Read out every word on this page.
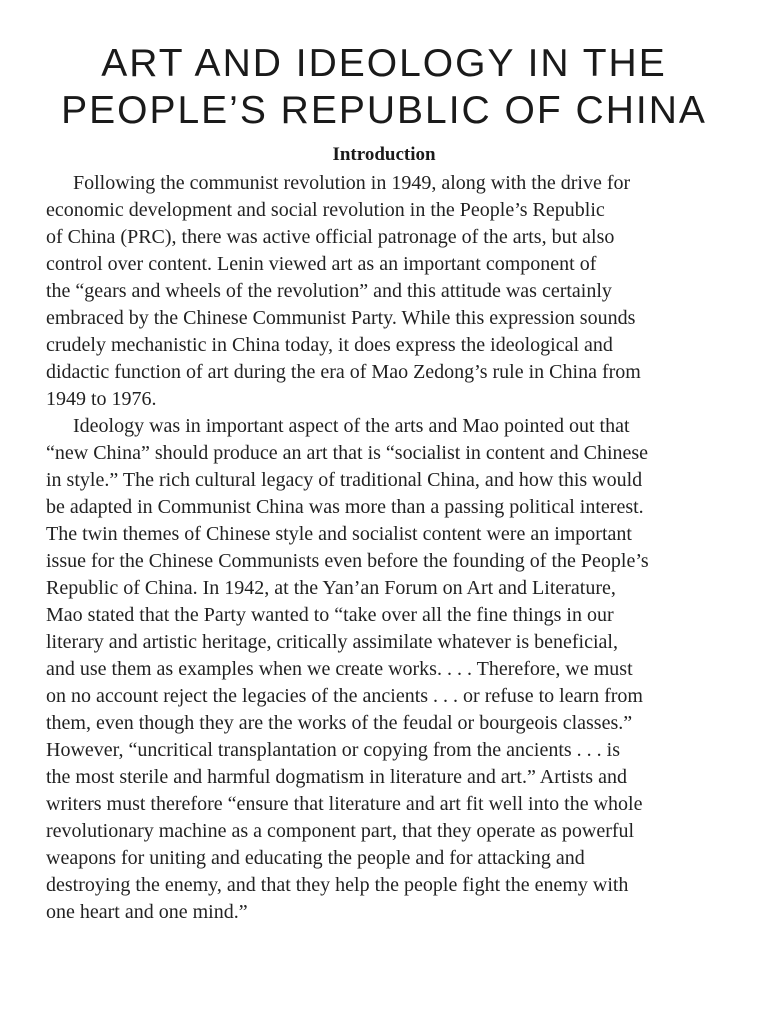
ART AND IDEOLOGY IN THE
PEOPLE’S REPUBLIC OF CHINA
Introduction
Following the communist revolution in 1949, along with the drive for
economic development and social revolution in the People’s Republic
of China (PRC), there was active official patronage of the arts, but also
control over content. Lenin viewed art as an important component of
the “gears and wheels of the revolution” and this attitude was certainly
embraced by the Chinese Communist Party. While this expression sounds
crudely mechanistic in China today, it does express the ideological and
didactic function of art during the era of Mao Zedong’s rule in China from
1949 to 1976.
Ideology was in important aspect of the arts and Mao pointed out that
“new China” should produce an art that is “socialist in content and Chinese
in style.” The rich cultural legacy of traditional China, and how this would
be adapted in Communist China was more than a passing political interest.
The twin themes of Chinese style and socialist content were an important
issue for the Chinese Communists even before the founding of the People’s
Republic of China. In 1942, at the Yan’an Forum on Art and Literature,
Mao stated that the Party wanted to “take over all the fine things in our
literary and artistic heritage, critically assimilate whatever is beneficial,
and use them as examples when we create works. . . . Therefore, we must
on no account reject the legacies of the ancients . . . or refuse to learn from
them, even though they are the works of the feudal or bourgeois classes.”
However, “uncritical transplantation or copying from the ancients . . . is
the most sterile and harmful dogmatism in literature and art.” Artists and
writers must therefore “ensure that literature and art fit well into the whole
revolutionary machine as a component part, that they operate as powerful
weapons for uniting and educating the people and for attacking and
destroying the enemy, and that they help the people fight the enemy with
one heart and one mind.”
